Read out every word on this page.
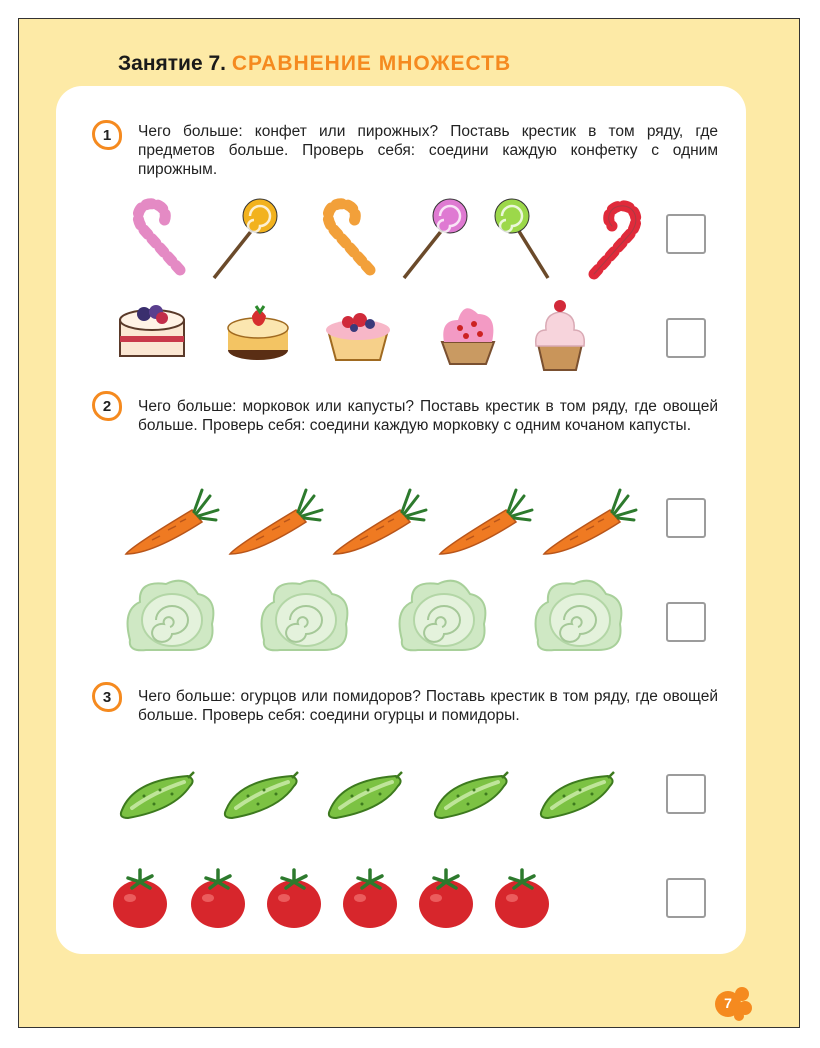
Занятие 7. СРАВНЕНИЕ МНОЖЕСТВ
1	Чего больше: конфет или пирожных? Поставь крестик в том ряду, где предметов больше. Проверь себя: соедини каждую конфетку с одним пирожным.
2	Чего больше: морковок или капусты? Поставь крестик в том ряду, где овощей больше. Проверь себя: соедини каждую морковку с одним кочаном капусты.
3	Чего больше: огурцов или помидоров? Поставь крестик в том ряду, где овощей больше. Проверь себя: соедини огурцы и помидоры.
7
